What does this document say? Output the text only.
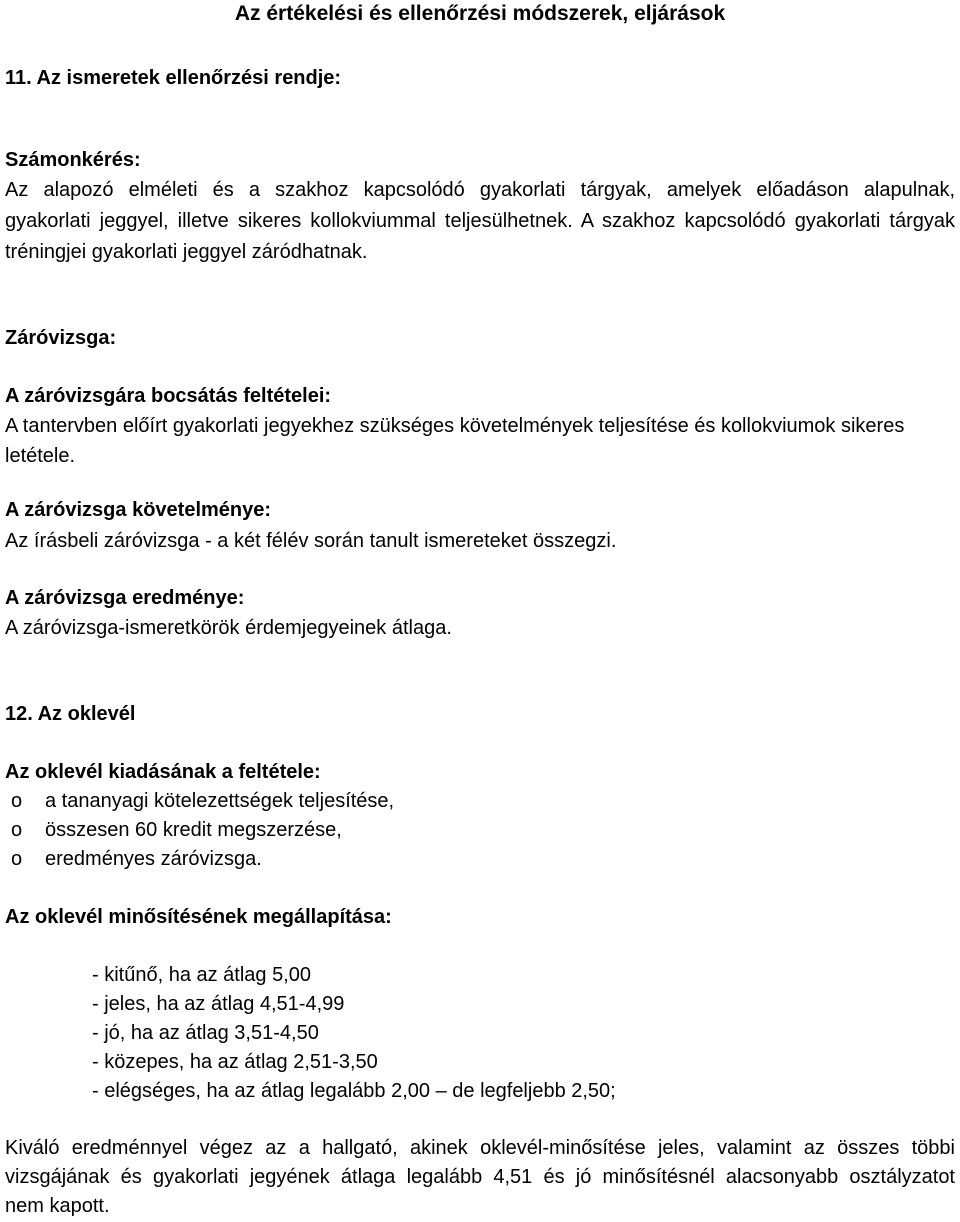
Az értékelési és ellenőrzési módszerek, eljárások
11. Az ismeretek ellenőrzési rendje:
Számonkérés:
Az alapozó elméleti és a szakhoz kapcsolódó gyakorlati tárgyak, amelyek előadáson alapulnak,
gyakorlati jeggyel, illetve sikeres kollokviummal teljesülhetnek. A szakhoz kapcsolódó gyakorlati tárgyak
tréningjei gyakorlati jeggyel záródhatnak.
Záróvizsga:
A záróvizsgára bocsátás feltételei:
A tantervben előírt gyakorlati jegyekhez szükséges követelmények teljesítése és kollokviumok sikeres
letétele.
A záróvizsga követelménye:
Az írásbeli záróvizsga - a két félév során tanult ismereteket összegzi.
A záróvizsga eredménye:
A záróvizsga-ismeretkörök érdemjegyeinek átlaga.
12. Az oklevél
Az oklevél kiadásának a feltétele:
o	a tananyagi kötelezettségek teljesítése,
o	összesen 60 kredit megszerzése,
o	eredményes záróvizsga.
Az oklevél minősítésének megállapítása:
- kitűnő, ha az átlag 5,00
- jeles, ha az átlag 4,51-4,99
- jó, ha az átlag 3,51-4,50
- közepes, ha az átlag 2,51-3,50
- elégséges, ha az átlag legalább 2,00 – de legfeljebb 2,50;
Kiváló eredménnyel végez az a hallgató, akinek oklevél-minősítése jeles, valamint az összes többi
vizsgájának és gyakorlati jegyének átlaga legalább 4,51 és jó minősítésnél alacsonyabb osztályzatot
nem kapott.
